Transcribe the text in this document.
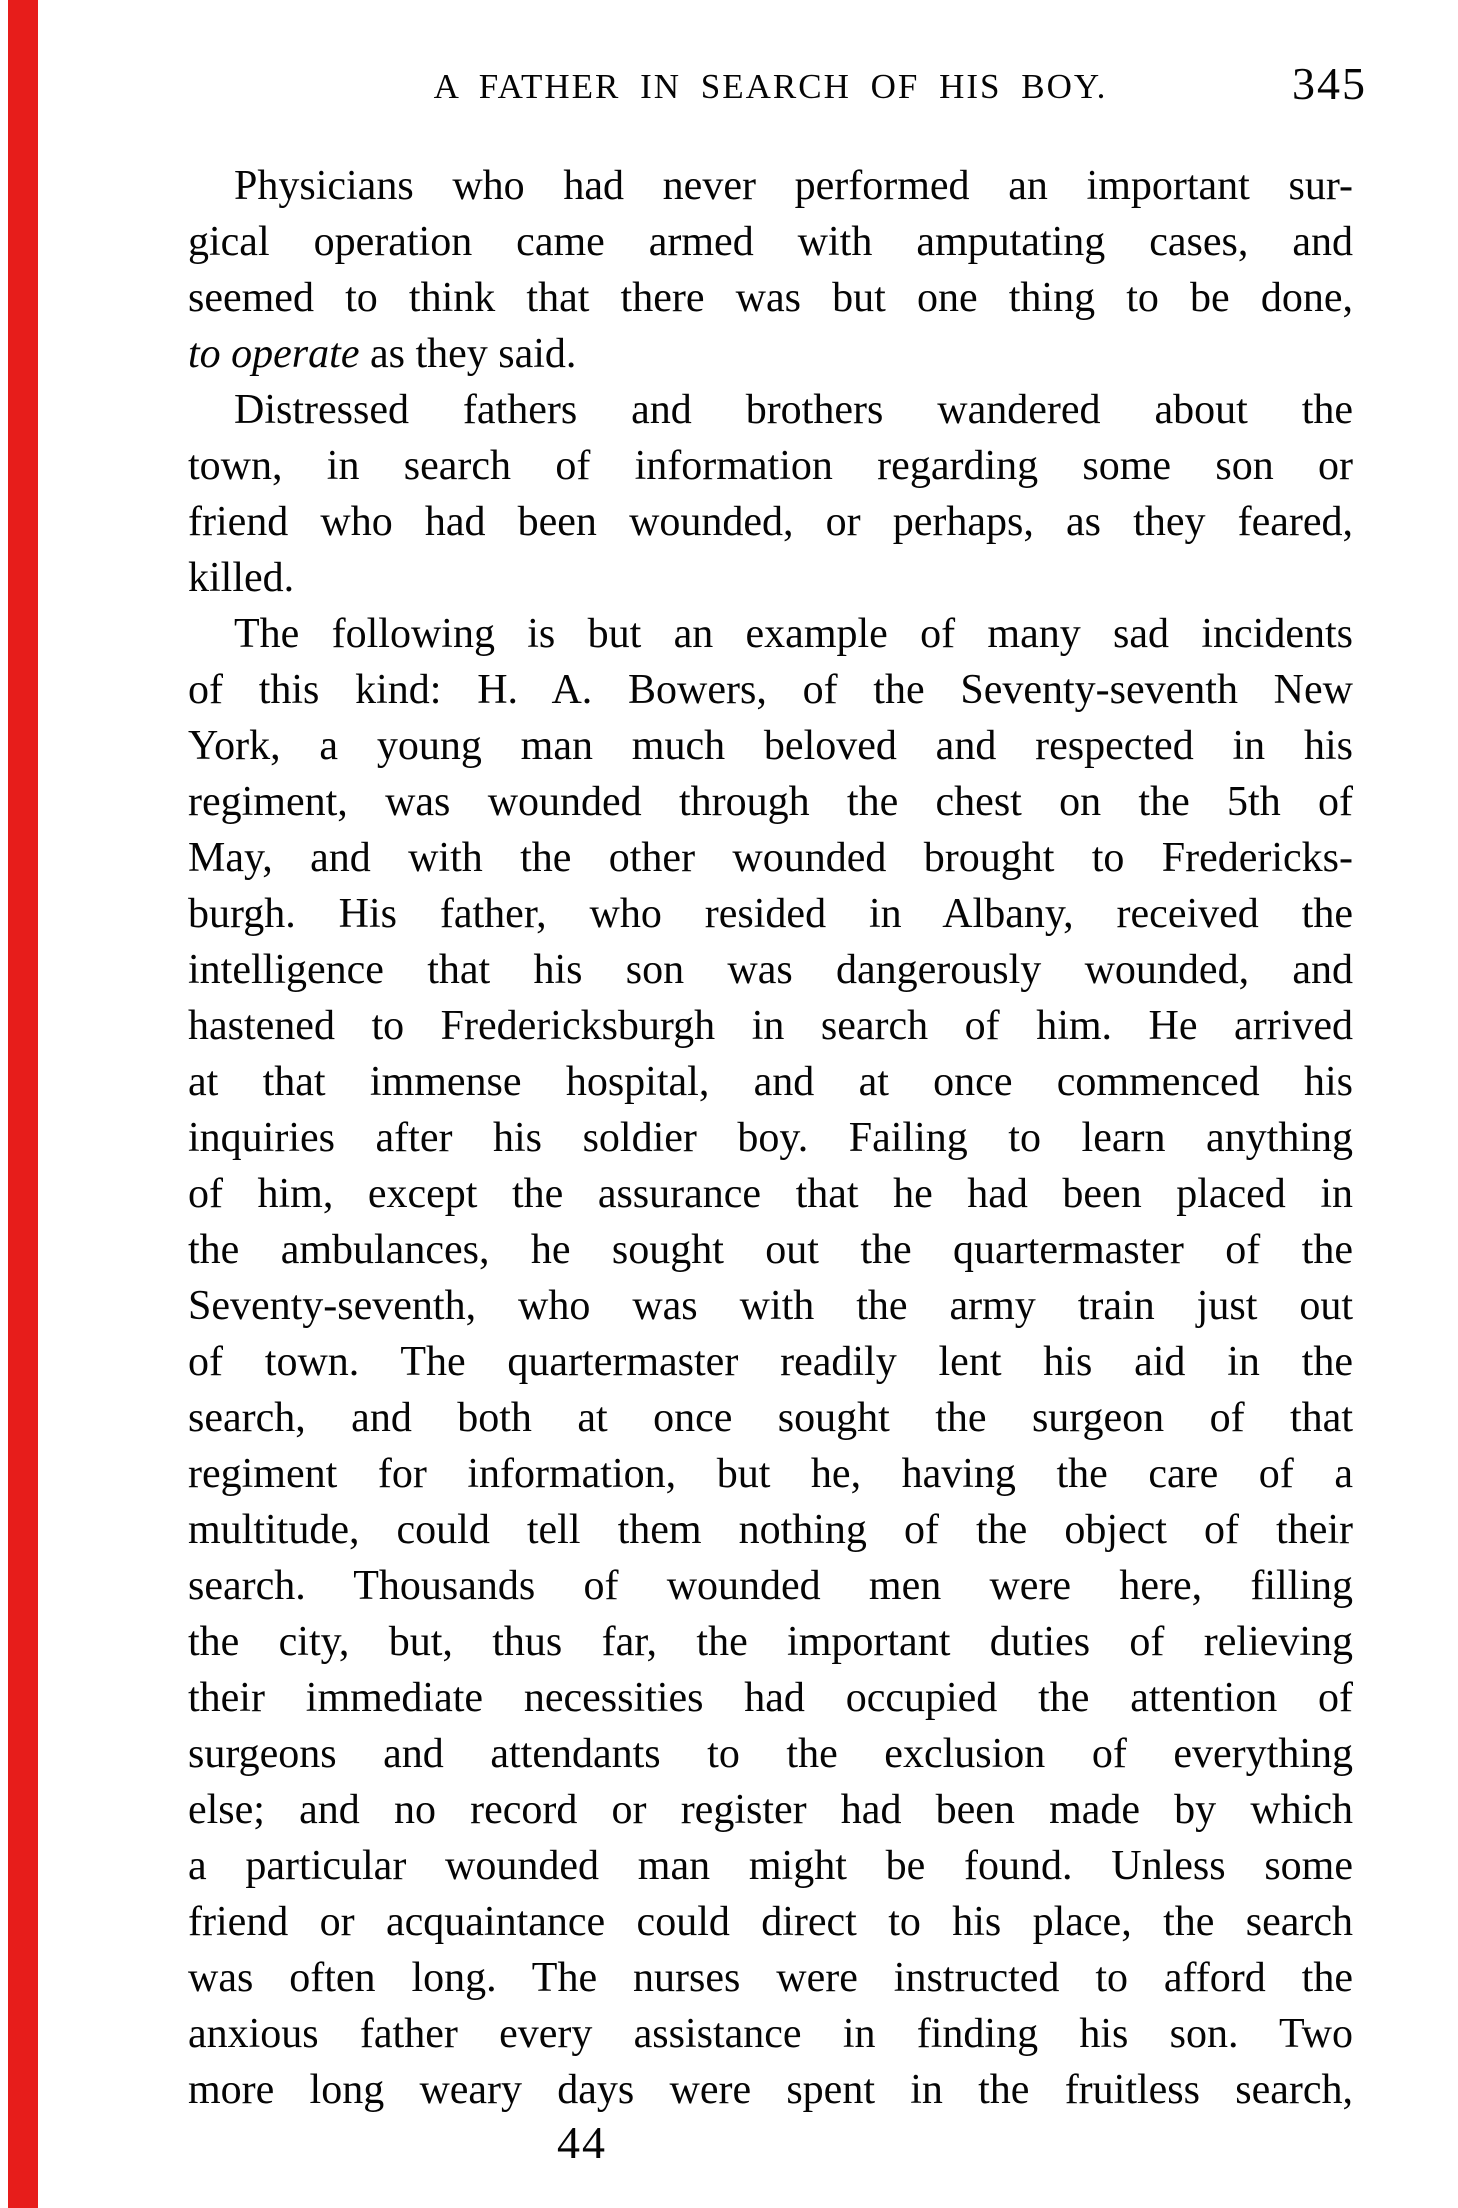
A FATHER IN SEARCH OF HIS BOY.	345
Physicians who had never performed an important sur-
gical operation came armed with amputating cases, and
seemed to think that there was but one thing to be done,
to operate as they said.
Distressed fathers and brothers wandered about the
town, in search of information regarding some son or
friend who had been wounded, or perhaps, as they feared,
killed.
The following is but an example of many sad incidents
of this kind: H. A. Bowers, of the Seventy-seventh New
York, a young man much beloved and respected in his
regiment, was wounded through the chest on the 5th of
May, and with the other wounded brought to Fredericks-
burgh. His father, who resided in Albany, received the
intelligence that his son was dangerously wounded, and
hastened to Fredericksburgh in search of him. He arrived
at that immense hospital, and at once commenced his
inquiries after his soldier boy. Failing to learn anything
of him, except the assurance that he had been placed in
the ambulances, he sought out the quartermaster of the
Seventy-seventh, who was with the army train just out
of town. The quartermaster readily lent his aid in the
search, and both at once sought the surgeon of that
regiment for information, but he, having the care of a
multitude, could tell them nothing of the object of their
search. Thousands of wounded men were here, filling
the city, but, thus far, the important duties of relieving
their immediate necessities had occupied the attention of
surgeons and attendants to the exclusion of everything
else; and no record or register had been made by which
a particular wounded man might be found. Unless some
friend or acquaintance could direct to his place, the search
was often long. The nurses were instructed to afford the
anxious father every assistance in finding his son. Two
more long weary days were spent in the fruitless search,
44
